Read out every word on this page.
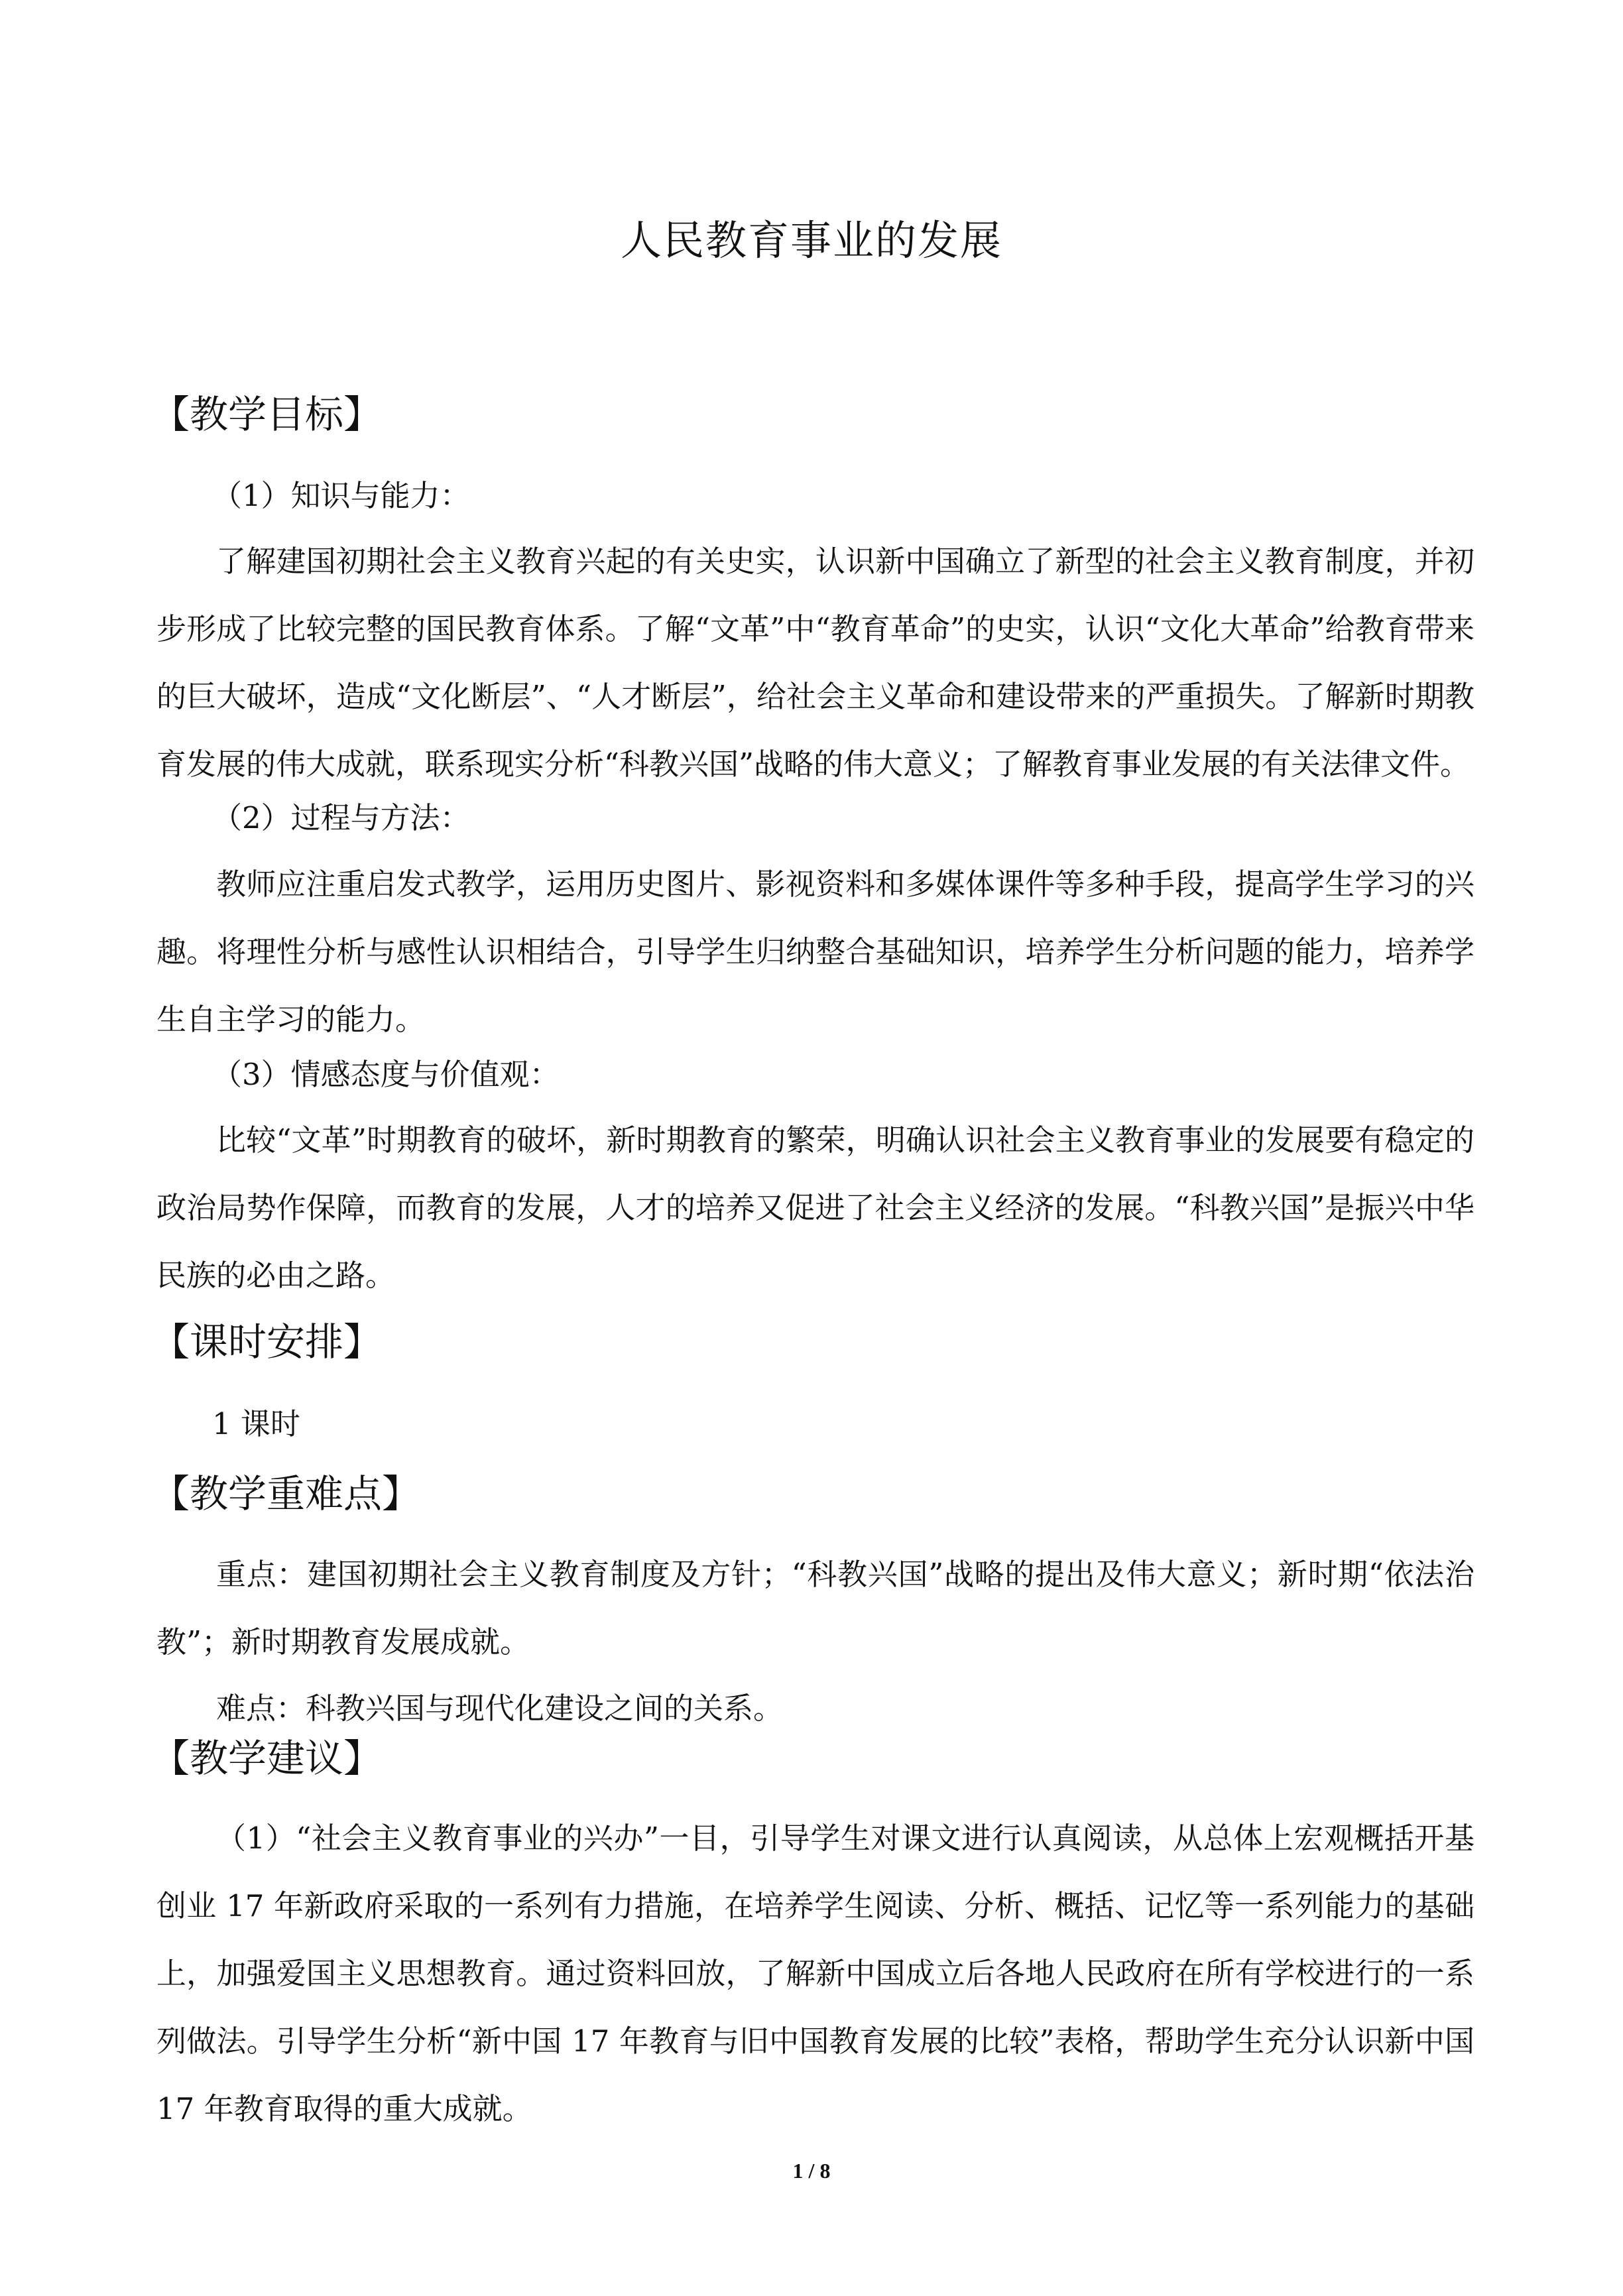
人民教育事业的发展
【教学目标】
（1）知识与能力：

了解建国初期社会主义教育兴起的有关史实，认识新中国确立了新型的社会主义教育制度，并初步形成了比较完整的国民教育体系。了解“文革”中“教育革命”的史实，认识“文化大革命”给教育带来的巨大破坏，造成“文化断层”、“人才断层”，给社会主义革命和建设带来的严重损失。了解新时期教育发展的伟大成就，联系现实分析“科教兴国”战略的伟大意义；了解教育事业发展的有关法律文件。

（2）过程与方法：

教师应注重启发式教学，运用历史图片、影视资料和多媒体课件等多种手段，提高学生学习的兴趣。将理性分析与感性认识相结合，引导学生归纳整合基础知识，培养学生分析问题的能力，培养学生自主学习的能力。

（3）情感态度与价值观：

比较“文革”时期教育的破坏，新时期教育的繁荣，明确认识社会主义教育事业的发展要有稳定的政治局势作保障，而教育的发展，人才的培养又促进了社会主义经济的发展。“科教兴国”是振兴中华民族的必由之路。

【课时安排】
1 课时
【教学重难点】

重点：建国初期社会主义教育制度及方针；“科教兴国”战略的提出及伟大意义；新时期“依法治教”；新时期教育发展成就。

难点：科教兴国与现代化建设之间的关系。

【教学建议】

（1）“社会主义教育事业的兴办”一目，引导学生对课文进行认真阅读，从总体上宏观概括开基创业 17 年新政府采取的一系列有力措施，在培养学生阅读、分析、概括、记忆等一系列能力的基础上，加强爱国主义思想教育。通过资料回放，了解新中国成立后各地人民政府在所有学校进行的一系列做法。引导学生分析“新中国 17 年教育与旧中国教育发展的比较”表格，帮助学生充分认识新中国 17 年教育取得的重大成就。

1 / 8
